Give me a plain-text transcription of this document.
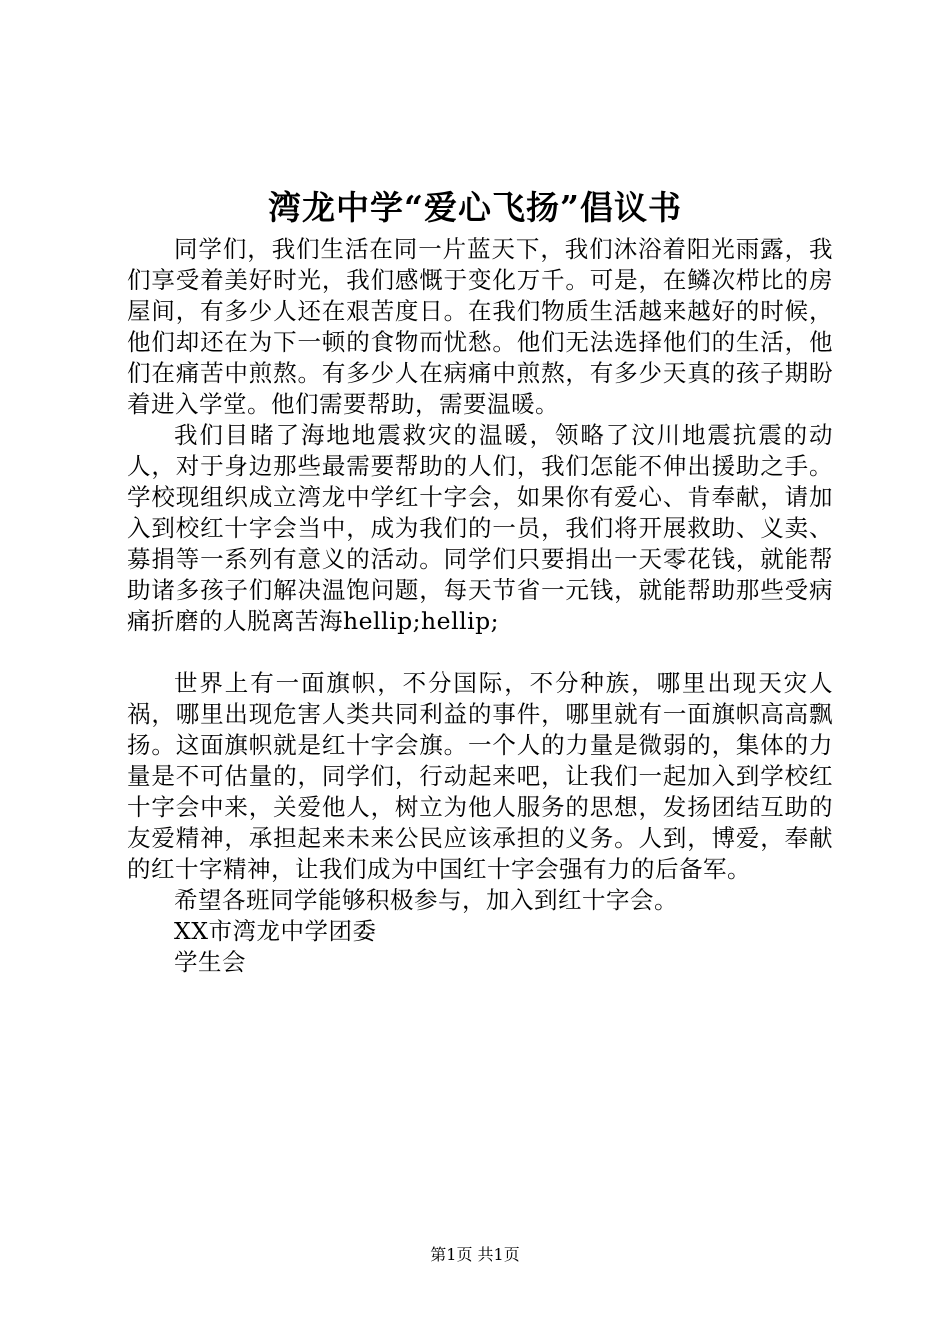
湾龙中学“爱心飞扬”倡议书

同学们，我们生活在同一片蓝天下，我们沐浴着阳光雨露，我们享受着美好时光，我们感慨于变化万千。可是，在鳞次栉比的房屋间，有多少人还在艰苦度日。在我们物质生活越来越好的时候，他们却还在为下一顿的食物而忧愁。他们无法选择他们的生活，他们在痛苦中煎熬。有多少人在病痛中煎熬，有多少天真的孩子期盼着进入学堂。他们需要帮助，需要温暖。

我们目睹了海地地震救灾的温暖，领略了汶川地震抗震的动人，对于身边那些最需要帮助的人们，我们怎能不伸出援助之手。学校现组织成立湾龙中学红十字会，如果你有爱心、肯奉献，请加入到校红十字会当中，成为我们的一员，我们将开展救助、义卖、募捐等一系列有意义的活动。同学们只要捐出一天零花钱，就能帮助诸多孩子们解决温饱问题，每天节省一元钱，就能帮助那些受病痛折磨的人脱离苦海hellip;hellip;

世界上有一面旗帜，不分国际，不分种族，哪里出现天灾人祸，哪里出现危害人类共同利益的事件，哪里就有一面旗帜高高飘扬。这面旗帜就是红十字会旗。一个人的力量是微弱的，集体的力量是不可估量的，同学们，行动起来吧，让我们一起加入到学校红十字会中来，关爱他人，树立为他人服务的思想，发扬团结互助的友爱精神，承担起来未来公民应该承担的义务。人到，博爱，奉献的红十字精神，让我们成为中国红十字会强有力的后备军。

希望各班同学能够积极参与，加入到红十字会。

XX市湾龙中学团委

学生会

第1页 共1页
